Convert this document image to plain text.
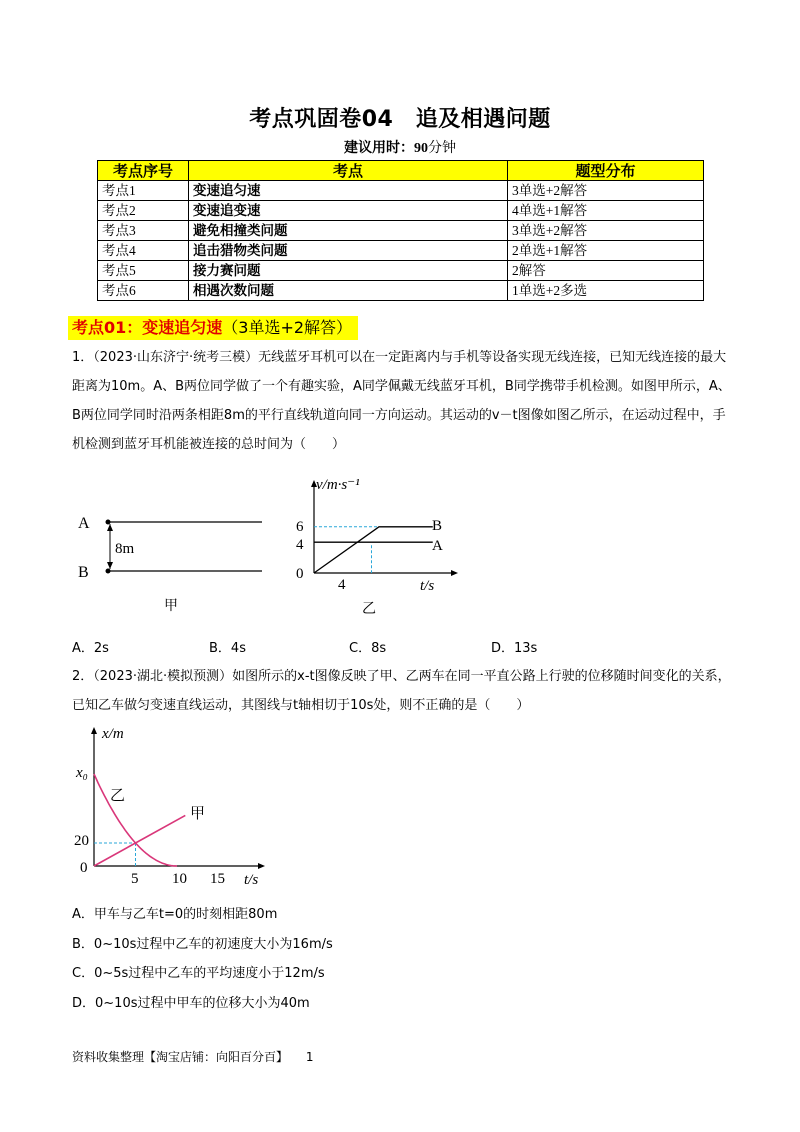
考点巩固卷04　追及相遇问题
建议用时：90分钟
考点序号	考点	题型分布
考点1	变速追匀速	3单选+2解答
考点2	变速追变速	4单选+1解答
考点3	避免相撞类问题	3单选+2解答
考点4	追击猎物类问题	2单选+1解答
考点5	接力赛问题	2解答
考点6	相遇次数问题	1单选+2多选
考点01：变速追匀速（3单选+2解答）
1．（2023·山东济宁·统考三模）无线蓝牙耳机可以在一定距离内与手机等设备实现无线连接，已知无线连接的最大距离为10m。A、B两位同学做了一个有趣实验，A同学佩戴无线蓝牙耳机，B同学携带手机检测。如图甲所示，A、B两位同学同时沿两条相距8m的平行直线轨道向同一方向运动。其运动的v－t图像如图乙所示，在运动过程中，手机检测到蓝牙耳机能被连接的总时间为（　　）
A
B
8m
甲
v/m·s⁻¹
t/s
6
4
0
4
B
A
乙
A．2s	B．4s	C．8s	D．13s
2．（2023·湖北·模拟预测）如图所示的x-t图像反映了甲、乙两车在同一平直公路上行驶的位移随时间变化的关系，已知乙车做匀变速直线运动，其图线与t轴相切于10s处，则不正确的是（　　）
x/m
t/s
x₀
20
0
5 10 15
乙
甲
A．甲车与乙车t=0的时刻相距80m
B．0~10s过程中乙车的初速度大小为16m/s
C．0~5s过程中乙车的平均速度小于12m/s
D．0~10s过程中甲车的位移大小为40m
资料收集整理【淘宝店铺：向阳百分百】 1
